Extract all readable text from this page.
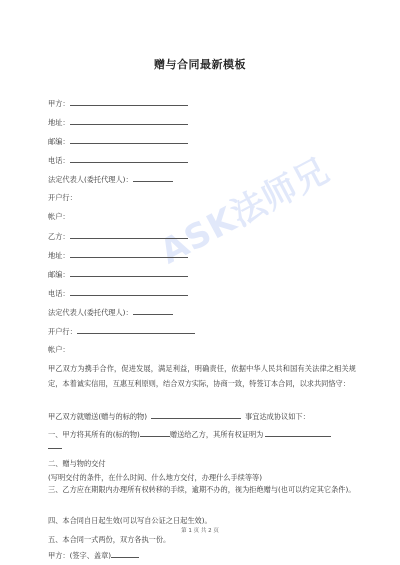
赠与合同最新模板
ASK法师兄
甲方：
地址：
邮编：
电话：
法定代表人(委托代理人)：
开户行：
帐户：
乙方：
地址：
邮编：
电话：
法定代表人(委托代理人)：
开户行：
帐户：
甲乙双方为携手合作，促进发展，满足利益，明确责任，依据中华人民共和国有关法律之相关规定，本着诚实信用，互惠互利原则，结合双方实际，协商一致，特签订本合同，以求共同恪守：
甲乙双方就赠送(赠与的标的物)	事宜达成协议如下：
一、甲方将其所有的(标的物)	赠送给乙方，其所有权证明为
二、赠与物的交付
(写明交付的条件，在什么时间、什么地方交付，办理什么手续等等)
三、乙方应在期限内办理所有权转移的手续，逾期不办的，视为拒绝赠与(也可以约定其它条件)。
四、本合同自日起生效(可以写自公证之日起生效)。
第 1 页 共 2 页
五、本合同一式两份，双方各执一份。
甲方：(签字、盖章)
